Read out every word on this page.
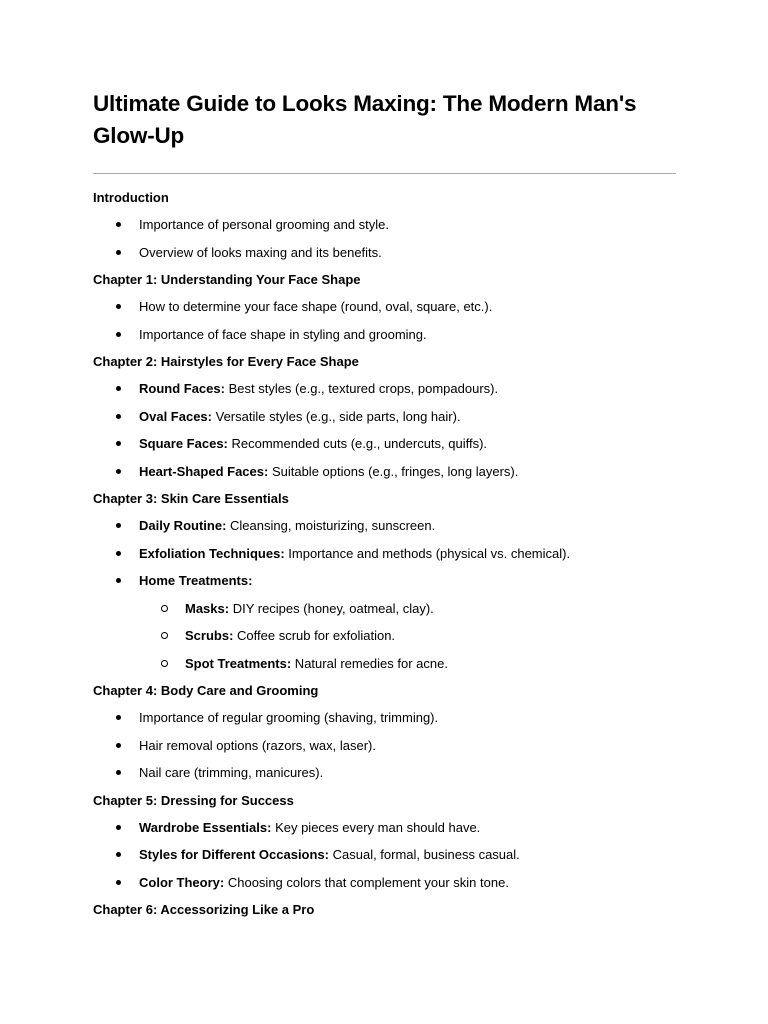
Ultimate Guide to Looks Maxing: The Modern Man's Glow-Up
Introduction
Importance of personal grooming and style.
Overview of looks maxing and its benefits.
Chapter 1: Understanding Your Face Shape
How to determine your face shape (round, oval, square, etc.).
Importance of face shape in styling and grooming.
Chapter 2: Hairstyles for Every Face Shape
Round Faces: Best styles (e.g., textured crops, pompadours).
Oval Faces: Versatile styles (e.g., side parts, long hair).
Square Faces: Recommended cuts (e.g., undercuts, quiffs).
Heart-Shaped Faces: Suitable options (e.g., fringes, long layers).
Chapter 3: Skin Care Essentials
Daily Routine: Cleansing, moisturizing, sunscreen.
Exfoliation Techniques: Importance and methods (physical vs. chemical).
Home Treatments:
Masks: DIY recipes (honey, oatmeal, clay).
Scrubs: Coffee scrub for exfoliation.
Spot Treatments: Natural remedies for acne.
Chapter 4: Body Care and Grooming
Importance of regular grooming (shaving, trimming).
Hair removal options (razors, wax, laser).
Nail care (trimming, manicures).
Chapter 5: Dressing for Success
Wardrobe Essentials: Key pieces every man should have.
Styles for Different Occasions: Casual, formal, business casual.
Color Theory: Choosing colors that complement your skin tone.
Chapter 6: Accessorizing Like a Pro
